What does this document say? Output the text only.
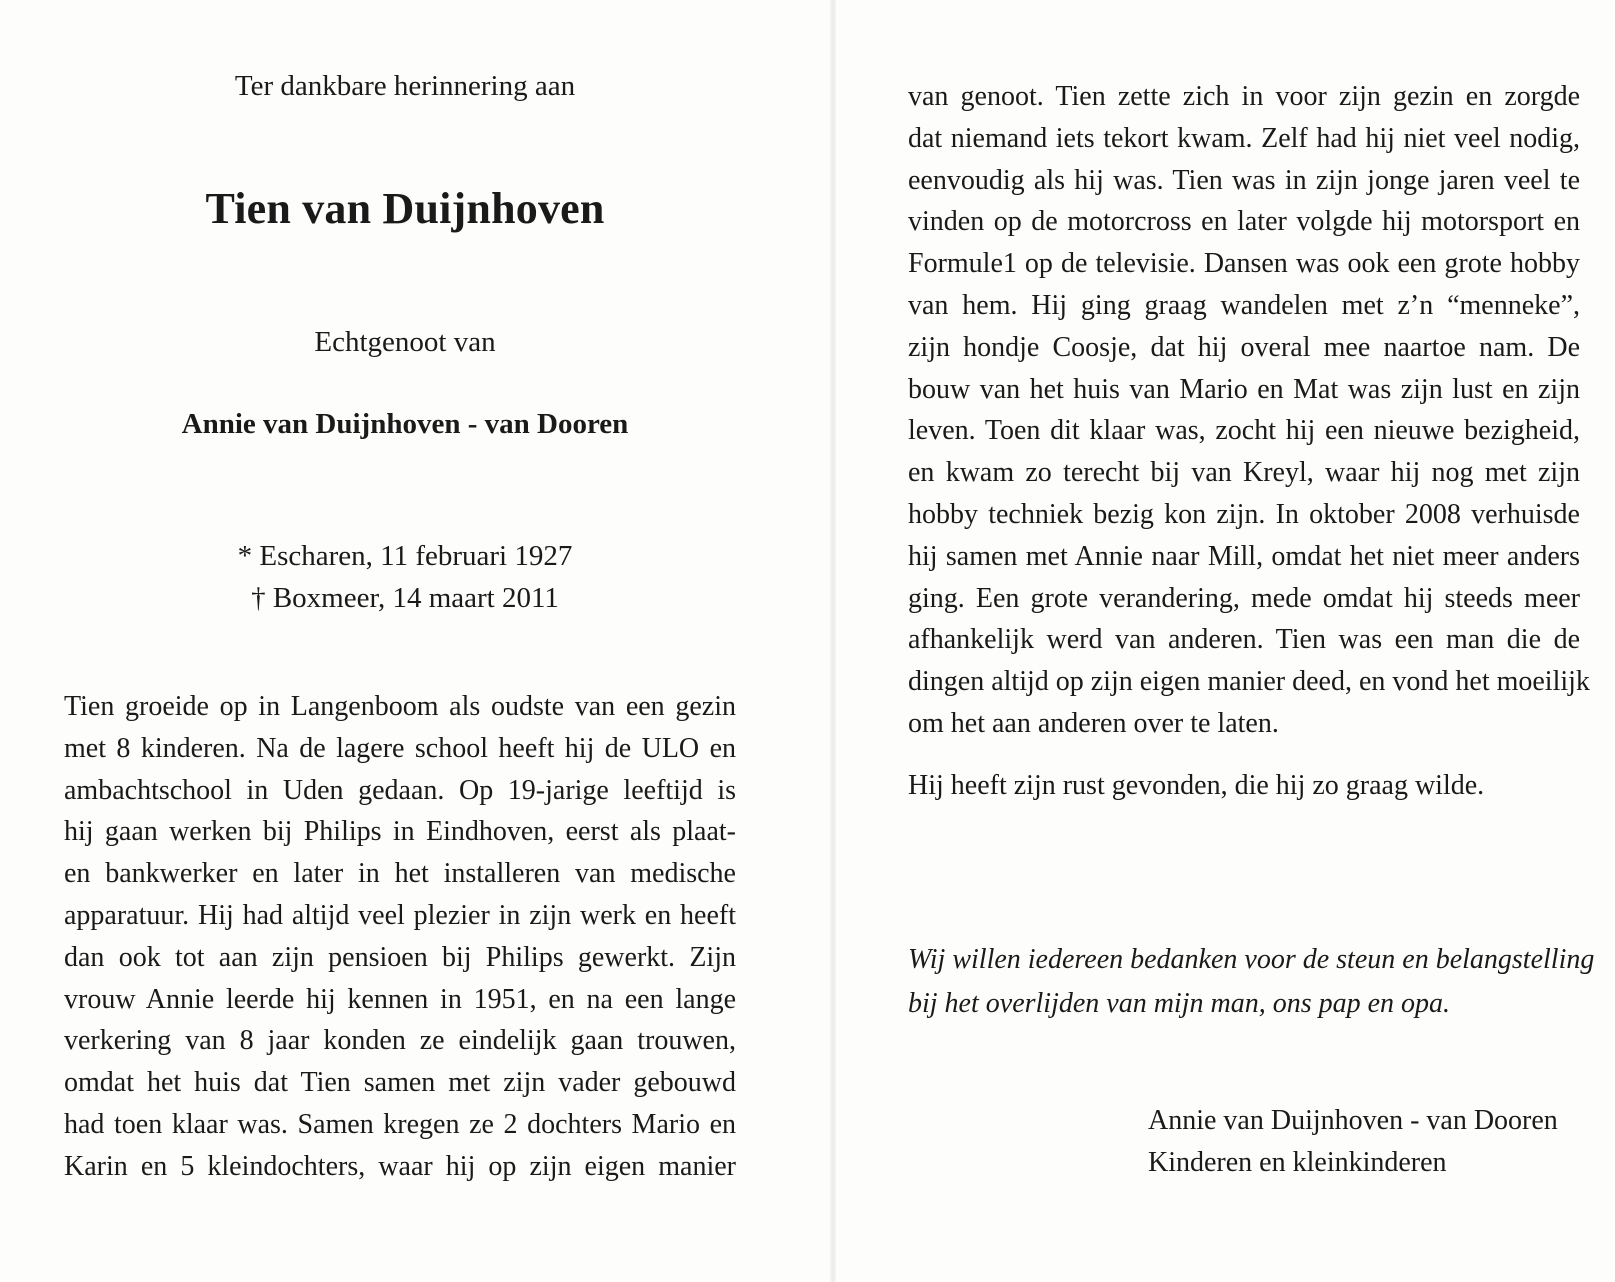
Ter dankbare herinnering aan
Tien van Duijnhoven
Echtgenoot van
Annie van Duijnhoven - van Dooren
* Escharen, 11 februari 1927
† Boxmeer, 14 maart 2011
Tien groeide op in Langenboom als oudste van een gezin
met 8 kinderen. Na de lagere school heeft hij de ULO en
ambachtschool in Uden gedaan. Op 19-jarige leeftijd is
hij gaan werken bij Philips in Eindhoven, eerst als plaat-
en bankwerker en later in het installeren van medische
apparatuur. Hij had altijd veel plezier in zijn werk en heeft
dan ook tot aan zijn pensioen bij Philips gewerkt. Zijn
vrouw Annie leerde hij kennen in 1951, en na een lange
verkering van 8 jaar konden ze eindelijk gaan trouwen,
omdat het huis dat Tien samen met zijn vader gebouwd
had toen klaar was. Samen kregen ze 2 dochters Mario en
Karin en 5 kleindochters, waar hij op zijn eigen manier
van genoot. Tien zette zich in voor zijn gezin en zorgde
dat niemand iets tekort kwam. Zelf had hij niet veel nodig,
eenvoudig als hij was. Tien was in zijn jonge jaren veel te
vinden op de motorcross en later volgde hij motorsport en
Formule1 op de televisie. Dansen was ook een grote hobby
van hem. Hij ging graag wandelen met z’n “menneke”,
zijn hondje Coosje, dat hij overal mee naartoe nam. De
bouw van het huis van Mario en Mat was zijn lust en zijn
leven. Toen dit klaar was, zocht hij een nieuwe bezigheid,
en kwam zo terecht bij van Kreyl, waar hij nog met zijn
hobby techniek bezig kon zijn. In oktober 2008 verhuisde
hij samen met Annie naar Mill, omdat het niet meer anders
ging. Een grote verandering, mede omdat hij steeds meer
afhankelijk werd van anderen. Tien was een man die de
dingen altijd op zijn eigen manier deed, en vond het moeilijk
om het aan anderen over te laten.
Hij heeft zijn rust gevonden, die hij zo graag wilde.
Wij willen iedereen bedanken voor de steun en belangstelling
bij het overlijden van mijn man, ons pap en opa.
Annie van Duijnhoven - van Dooren
Kinderen en kleinkinderen
